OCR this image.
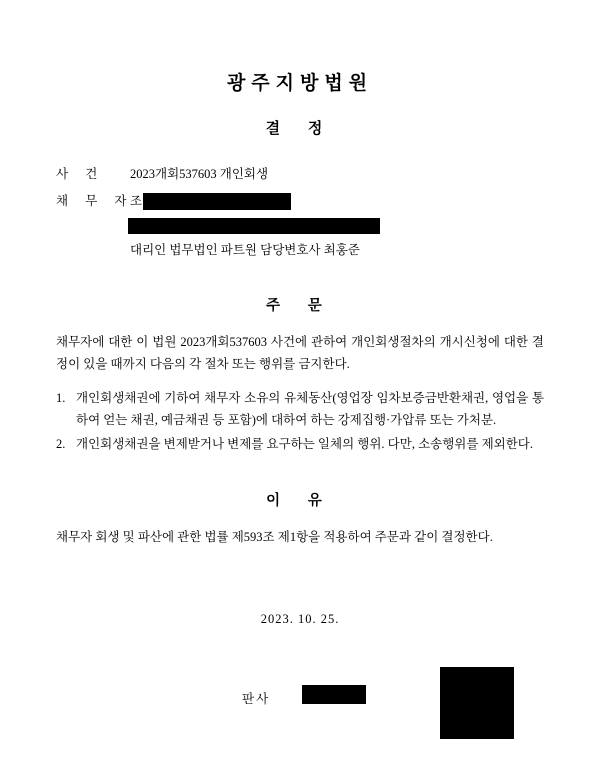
광주지방법원
결 정
사 건	2023개회537603 개인회생
채 무 자
조
대리인 법무법인 파트원 담당변호사 최홍준
주 문

채무자에 대한 이 법원 2023개회537603 사건에 관하여 개인회생절차의 개시신청에 대한 결정이 있을 때까지 다음의 각 절차 또는 행위를 금지한다.

1. 개인회생채권에 기하여 채무자 소유의 유체동산(영업장 임차보증금반환채권, 영업을 통하여 얻는 채권, 예금채권 등 포함)에 대하여 하는 강제집행·가압류 또는 가처분.
2. 개인회생채권을 변제받거나 변제를 요구하는 일체의 행위. 다만, 소송행위를 제외한다.
이 유

채무자 회생 및 파산에 관한 법률 제593조 제1항을 적용하여 주문과 같이 결정한다.

2023. 10. 25.
판사
